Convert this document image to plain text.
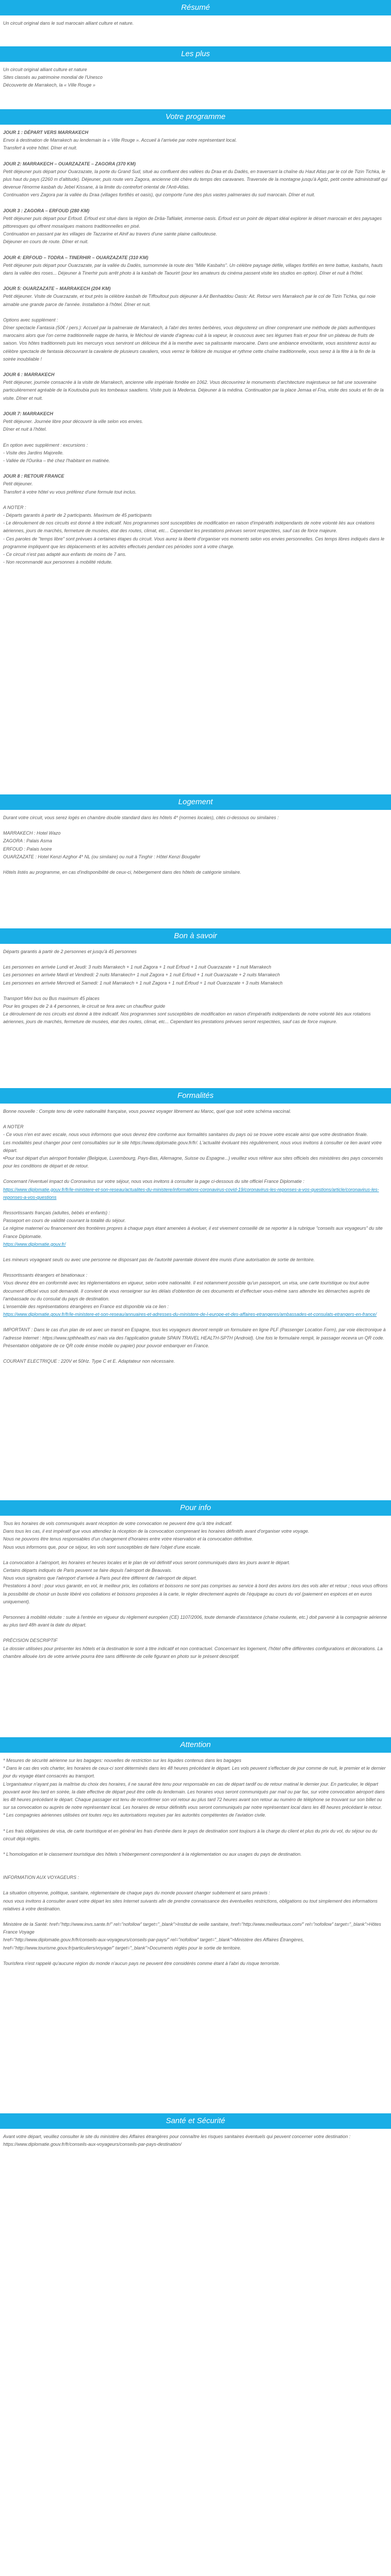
Résumé

Un circuit original dans le sud marocain alliant culture et nature.

Les plus

Un circuit original alliant culture et nature

Sites classés au patrimoine mondial de l'Unesco

Découverte de Marrakech, la « Ville Rouge »

Votre programme

JOUR 1 : DÉPART VERS MARRAKECH

Envoi à destination de Marrakech au lendemain la « Ville Rouge ». Accueil à l'arrivée par notre représentant local.

Transfert à votre hôtel. Dîner et nuit.

JOUR 2: MARRAKECH – OUARZAZATE – ZAGORA (370 KM)

Petit déjeuner puis départ pour Ouarzazate, la porte du Grand Sud, situé au confluent des vallées du Draa et du Dadès, en traversant la chaîne du Haut Atlas par le col de Tizin Tichka, le plus haut du pays (2260 m d'altitude). Déjeuner, puis route vers Zagora, ancienne cité chère du temps des caravanes. Traversée de la montagne jusqu'à Agdz, petit centre administratif qui devenue l'énorme kasbah du Jebel Kissane, à la limite du contrefort oriental de l'Anti-Atlas.

Continuation vers Zagora par la vallée du Draa (villages fortifiés et oasis), qui comporte l'une des plus vastes palmeraies du sud marocain. Dîner et nuit.

JOUR 3 : ZAGORA – ERFOUD (280 KM)

Petit déjeuner puis départ pour Erfoud. Erfoud est situé dans la région de Drâa-Tafilalet, immense oasis. Erfoud est un point de départ idéal explorer le désert marocain et des paysages pittoresques qui offrent mosaïques maisons traditionnelles en pisé.

Continuation en passant par les villages de Tazzarine et Alnif au travers d'une sainte plaine caillouteuse.

Déjeuner en cours de route. Dîner et nuit.

JOUR 4: ERFOUD – TODRA – TINERHIR – OUARZAZATE (310 KM)

Petit déjeuner puis départ pour Ouarzazate, par la vallée du Dadès, surnommée la route des "Mille Kasbahs". Un célèbre paysage défile, villages fortifiés en terre battue, kasbahs, hauts dans la vallée des roses... Déjeuner à Tinerhir puis arrêt photo à la kasbah de Taourirt (pour les amateurs du cinéma passent visite les studios en option). Dîner et nuit à l'hôtel.

JOUR 5: OUARZAZATE – MARRAKECH (204 KM)

Petit déjeuner. Visite de Ouarzazate, et tout près la célèbre kasbah de Tiffoultout puis déjeuner à Ait Benhaddou Oasis: Ait. Retour vers Marrakech par le col de Tizin Tichka, qui noie aimable une grande parce de l'année. Installation à l'hôtel. Dîner et nuit.

Options avec supplément :

Dîner spectacle Fantasia (50€ / pers.): Accueil par la palmeraie de Marrakech, à l'abri des tentes berbères, vous dégusterez un dîner comprenant une méthode de plats authentiques marocains alors que l'on cerne traditionnelle nappe de harira, le Méchoui de viande d'agneau cuit à la vapeur, le couscous avec ses légumes frais et pour finir un plateau de fruits de saison. Vos hôtes traditionnels puis les mercurys vous serviront un délicieux thé à la menthe avec sa palissante marocaine. Dans une ambiance envoûtante, vous assisterez aussi au célèbre spectacle de fantasia découvrant la cavalerie de plusieurs cavaliers, vous verrez le folklore de musique et rythme cette chaîne traditionnelle, vous serez à la fête à la fin de la soirée inoubliable !

JOUR 6 : MARRAKECH

Petit déjeuner, journée consacrée à la visite de Marrakech, ancienne ville impériale fondée en 1062. Vous découvrirez le monuments d'architecture majestueux se fait une souveraine particulièrement agréable de la Koutoubia puis les tombeaux saadiens. Visite puis la Medersa. Déjeuner à la médina. Continuation par la place Jemaa el Fna, visite des souks et fin de la visite. Dîner et nuit.

JOUR 7: MARRAKECH

Petit déjeuner. Journée libre pour découvrir la ville selon vos envies.

Dîner et nuit à l'hôtel.

En option avec supplément : excursions :

- Visite des Jardins Majorelle.

- Vallée de l'Ourika – thé chez l'habitant en matinée.

JOUR 8 : RETOUR FRANCE

Petit déjeuner.

Transfert à votre hôtel vu vous préférez d'une formule tout inclus.

A NOTER :

- Départs garantis à partir de 2 participants. Maximum de 45 participants

- Le déroulement de nos circuits est donné à titre indicatif. Nos programmes sont susceptibles de modification en raison d'impératifs indépendants de notre volonté liés aux créations aériennes, jours de marchés, fermeture de musées, état des routes, climat, etc... Cependant les prestations prévues seront respectées, sauf cas de force majeure.

- Ces paroles de "temps libre" sont prévues à certaines étapes du circuit. Vous aurez la liberté d'organiser vos moments selon vos envies personnelles. Ces temps libres indiqués dans le programme impliquent que les déplacements et les activités effectués pendant ces périodes sont à votre charge.

- Ce circuit n'est pas adapté aux enfants de moins de 7 ans.

- Non recommandé aux personnes à mobilité réduite.

Logement

Durant votre circuit, vous serez logés en chambre double standard dans les hôtels 4* (normes locales), cités ci-dessous ou similaires :

MARRAKECH : Hotel Wazo

ZAGORA : Palais Asma

ERFOUD : Palais Ivoire

OUARZAZATE : Hotel Kenzi Azghor 4* NL (ou similaire) ou nuit à Tinghir : Hôtel Kenzi Bougafer

Hôtels listés au programme, en cas d'indisponibilité de ceux-ci, hébergement dans des hôtels de catégorie similaire.

Bon à savoir

Départs garantis à partir de 2 personnes et jusqu'à 45 personnes

Les personnes en arrivée Lundi et Jeudi: 3 nuits Marrakech + 1 nuit Zagora + 1 nuit Erfoud + 1 nuit Ouarzazate + 1 nuit Marrakech

Les personnes en arrivée Mardi et Vendredi: 2 nuits Marrakech+ 1 nuit Zagora + 1 nuit Erfoud + 1 nuit Ouarzazate + 2 nuits Marrakech

Les personnes en arrivée Mercredi et Samedi: 1 nuit Marrakech + 1 nuit Zagora + 1 nuit Erfoud + 1 nuit Ouarzazate + 3 nuits Marrakech

Transport Mini bus ou Bus maximum 45 places

Pour les groupes de 2 à 4 personnes, le circuit se fera avec un chauffeur guide

Le déroulement de nos circuits est donné à titre indicatif. Nos programmes sont susceptibles de modification en raison d'impératifs indépendants de notre volonté liés aux rotations aériennes, jours de marchés, fermeture de musées, état des routes, climat, etc... Cependant les prestations prévues seront respectées, sauf cas de force majeure.

Formalités

Bonne nouvelle : Compte tenu de votre nationalité française, vous pouvez voyager librement au Maroc, quel que soit votre schéma vaccinal.

A NOTER

- Ce vous n'en est avec escale, nous vous informons que vous devrez être conforme aux formalités sanitaires du pays où se trouve votre escale ainsi que votre destination finale.

Les modalités peut changer pour cent consultables sur le site https://www.diplomatie.gouv.fr/fr/. L'actualité évoluant très régulièrement, nous vous invitons à consulter ce lien avant votre départ.

•Pour tout départ d'un aéroport frontalier (Belgique, Luxembourg, Pays-Bas, Allemagne, Suisse ou Espagne...) veuillez vous référer aux sites officiels des ministères des pays concernés pour les conditions de départ et de retour.

Concernant l'éventuel impact du Coronavirus sur votre séjour, nous vous invitons à consulter la page ci-dessous du site officiel France Diplomatie :

https://www.diplomatie.gouv.fr/fr/le-ministere-et-son-reseau/actualites-du-ministere/informations-coronavirus-covid-19/coronavirus-les-reponses-a-vos-questions/article/coronavirus-les-reponses-a-vos-questions

Ressortissants français (adultes, bébés et enfants) :

Passeport en cours de validité couvrant la totalité du séjour.

Le régime maternel ou financement des frontières propres à chaque pays étant amenées à évoluer, il est vivement conseillé de se reporter à la rubrique "conseils aux voyageurs" du site France Diplomatie.

https://www.diplomatie.gouv.fr/

Les mineurs voyageant seuls ou avec une personne ne disposant pas de l'autorité parentale doivent être munis d'une autorisation de sortie de territoire.

Ressortissants étrangers et binationaux :

Vous devrez être en conformité avec les réglementations en vigueur, selon votre nationalité. Il est notamment possible qu'un passeport, un visa, une carte touristique ou tout autre document officiel vous soit demandé. Il convient de vous renseigner sur les délais d'obtention de ces documents et d'effectuer vous-même sans attendre les démarches auprès de l'ambassade ou du consulat du pays de destination.

L'ensemble des représentations étrangères en France est disponible via ce lien :

https://www.diplomatie.gouv.fr/fr/le-ministere-et-son-reseau/annuaires-et-adresses-du-ministere-de-l-europe-et-des-affaires-etrangeres/ambassades-et-consulats-etrangers-en-france/

IMPORTANT : Dans le cas d'un plan de vol avec un transit en Espagne, tous les voyageurs devront remplir un formulaire en ligne PLF (Passenger Location Form), par voie électronique à l'adresse Internet : https://www.spthhealth.es/ mais via des l'application gratuite SPAIN TRAVEL HEALTH-SPTH (Android). Une fois le formulaire rempli, le passager recevra un QR code. Présentation obligatoire de ce QR code émise mobile ou papier) pour pouvoir embarquer en France.

COURANT ELECTRIQUE : 220V et 50Hz. Type C et E. Adaptateur non nécessaire.

Pour info

Tous les horaires de vols communiqués avant réception de votre convocation ne peuvent être qu'à titre indicatif.

Dans tous les cas, il est impératif que vous attendiez la réception de la convocation comprenant les horaires définitifs avant d'organiser votre voyage.

Nous ne pouvons être tenus responsables d'un changement d'horaires entre votre réservation et la convocation définitive.

Nous vous informons que, pour ce séjour, les vols sont susceptibles de faire l'objet d'une escale.

La convocation à l'aéroport, les horaires et heures locales et le plan de vol définitif vous seront communiqués dans les jours avant le départ.

Certains départs indiqués de Paris peuvent se faire depuis l'aéroport de Beauvais.

Nous vous signalons que l'aéroport d'arrivée à Paris peut être différent de l'aéroport de départ.

Prestations à bord : pour vous garantir, en vol, le meilleur prix, les collations et boissons ne sont pas comprises au service à bord des avions lors des vols aller et retour ; nous vous offrons la possibilité de choisir un buste libéré vos collations et boissons proposées à la carte, le règler directement auprès de l'équipage au cours du vol (paiement en espèces et en euros uniquement).

Personnes à mobilité réduite : suite à l'entrée en vigueur du règlement européen (CE) 1107/2006, toute demande d'assistance (chaise roulante, etc.) doit parvenir à la compagnie aérienne au plus tard 48h avant la date du départ.

PRÉCISION DESCRIPTIF

Le dossier utilisées pour présenter les hôtels et la destination le sont à titre indicatif et non contractuel. Concernant les logement, l'hôtel offre différentes configurations et décorations. La chambre allouée lors de votre arrivée pourra être sans différente de celle figurant en photo sur le présent descriptif.

Attention

* Mesures de sécurité aérienne sur les bagages: nouvelles de restriction sur les liquides contenus dans les bagages

* Dans le cas des vols charter, les horaires de ceux-ci sont déterminés dans les 48 heures précédant le départ. Les vols peuvent s'effectuer de jour comme de nuit, le premier et le dernier jour du voyage étant consacrés au transport.

L'organisateur n'ayant pas la maîtrise du choix des horaires, il ne saurait être tenu pour responsable en cas de départ tardif ou de retour matinal le dernier jour. En particulier, le départ pouvant avoir lieu tard en soirée, la date effective de départ peut être celle du lendemain. Les horaires vous seront communiqués par mail ou par fax, sur votre convocation aéroport dans les 48 heures précédant le départ. Chaque passager est tenu de reconfirmer son vol retour au plus tard 72 heures avant son retour au numéro de téléphone se trouvant sur son billet ou sur sa convocation ou auprès de notre représentant local. Les horaires de retour définitifs vous seront communiqués par notre représentant local dans les 48 heures précédant le retour.

* Les compagnies aériennes utilisées ont toutes reçu les autorisations requises par les autorités compétentes de l'aviation civile.

* Les frais obligatoires de visa, de carte touristique et en général les frais d'entrée dans le pays de destination sont toujours à la charge du client et plus du prix du vol, du séjour ou du circuit déjà réglés.

* L'homologation et le classement touristique des hôtels s'hébergement correspondent à la réglementation ou aux usages du pays de destination.

INFORMATION AUX VOYAGEURS :

La situation citoyenne, politique, sanitaire, réglementaire de chaque pays du monde pouvant changer subitement et sans préavis :

nous vous invitons à consulter avant votre départ les sites Internet suivants afin de prendre connaissance des éventuelles restrictions, obligations ou tout simplement des informations relatives à votre destination.

Ministère de la Santé: href="http://www.invs.sante.fr/" rel="nofollow" target="_blank">Institut de veille sanitaire, href="http://www.meilleurtaux.com/" rel="nofollow" target="_blank">Hôtes France Voyage

href="http://www.diplomatie.gouv.fr/fr/conseils-aux-voyageurs/conseils-par-pays/" rel="nofollow" target="_blank">Ministère des Affaires Étrangères, href="http://www.tourisme.gouv.fr/particuliers/voyage/" target="_blank">Documents réglés pour le sortie de territoire.

Tourisfera n'est rappelé qu'aucune région du monde n'aucun pays ne peuvent être considérés comme étant à l'abri du risque terroriste.

Santé et Sécurité

Avant votre départ, veuillez consulter le site du ministère des Affaires étrangères pour connaître les risques sanitaires éventuels qui peuvent concerner votre destination : https://www.diplomatie.gouv.fr/fr/conseils-aux-voyageurs/conseils-par-pays-destination/
